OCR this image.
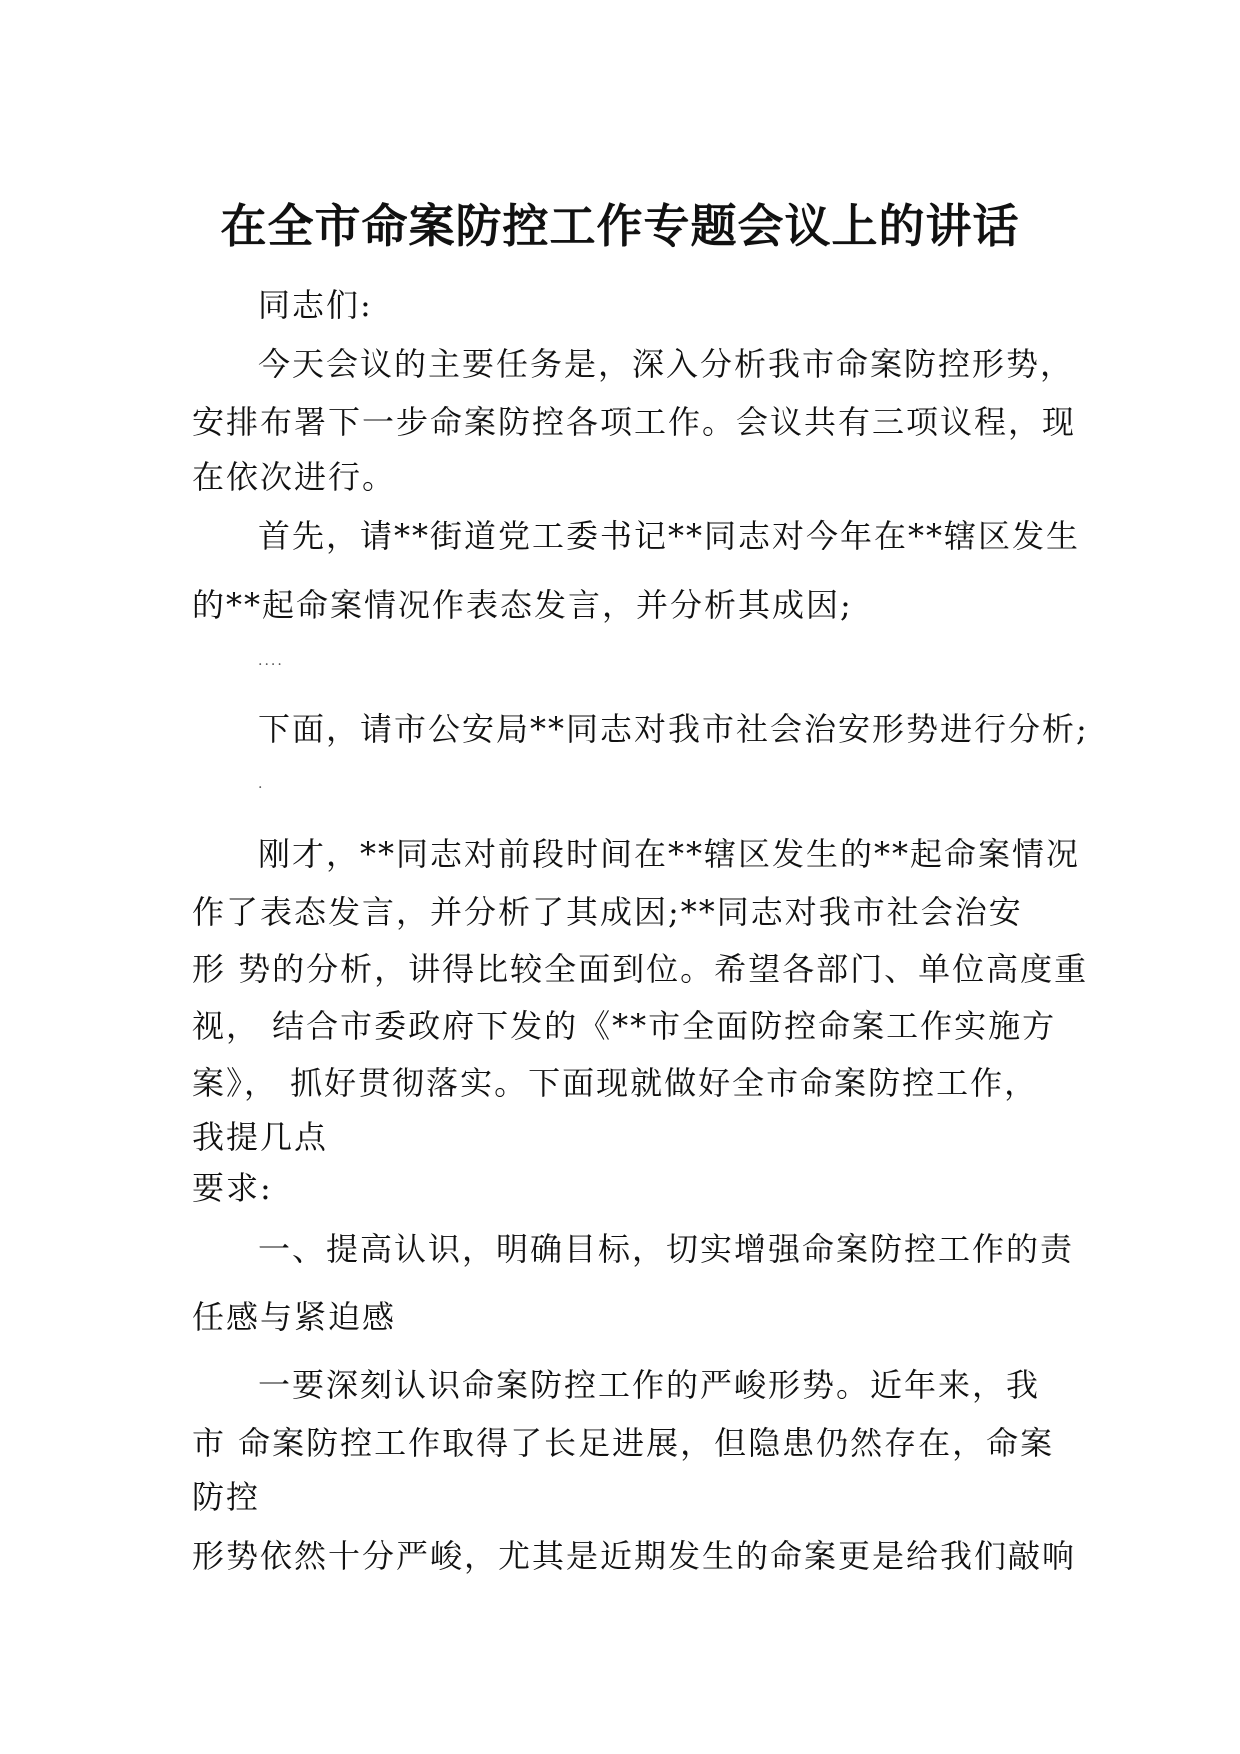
在全市命案防控工作专题会议上的讲话
同志们:
今天会议的主要任务是，深入分析我市命案防控形势，
安排布署下一步命案防控各项工作。会议共有三项议程，现
在依次进行。
首先，请**街道党工委书记**同志对今年在**辖区发生
的**起命案情况作表态发言，并分析其成因;
....
下面，请市公安局**同志对我市社会治安形势进行分析;
.
刚才，**同志对前段时间在**辖区发生的**起命案情况
作了表态发言，并分析了其成因;**同志对我市社会治安
形 势的分析，讲得比较全面到位。希望各部门、单位高度重
视， 结合市委政府下发的《**市全面防控命案工作实施方
案》， 抓好贯彻落实。下面现就做好全市命案防控工作，
我提几点
要求:
一、提高认识，明确目标，切实增强命案防控工作的责
任感与紧迫感
一要深刻认识命案防控工作的严峻形势。近年来，我
市 命案防控工作取得了长足进展，但隐患仍然存在，命案
防控
形势依然十分严峻，尤其是近期发生的命案更是给我们敲响
